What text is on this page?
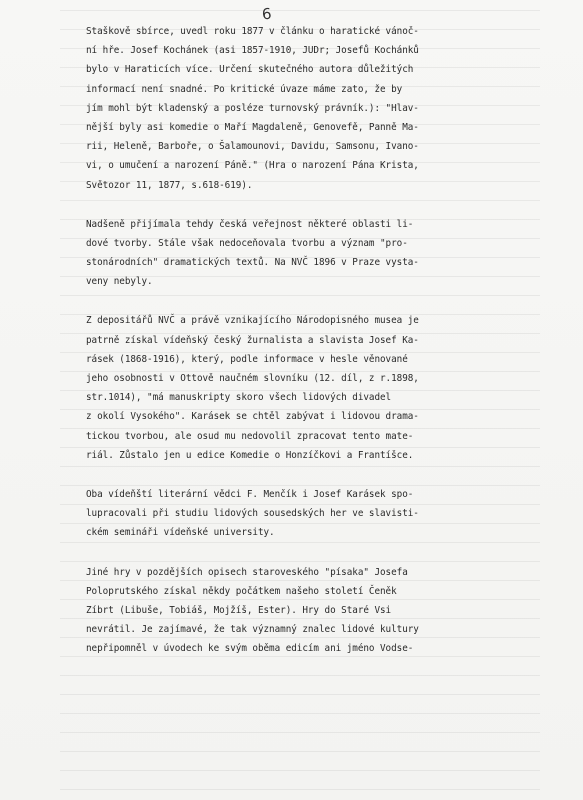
6
Staškově sbírce, uvedl roku 1877 v článku o haratické vánoč-
ní hře. Josef Kochánek (asi 1857-1910, JUDr; Josefů Kochánků
bylo v Haraticích více. Určení skutečného autora důležitých
informací není snadné. Po kritické úvaze máme zato, že by
jím mohl být kladenský a posléze turnovský právník.): "Hlav-
nější byly asi komedie o Maří Magdaleně, Genovefě, Panně Ma-
rii, Heleně, Barboře, o Šalamounovi, Davidu, Samsonu, Ivano-
vi, o umučení a narození Páně." (Hra o narození Pána Krista,
Světozor 11, 1877, s.618-619).
Nadšeně přijímala tehdy česká veřejnost některé oblasti li-
dové tvorby. Stále však nedoceňovala tvorbu a význam "pro-
stonárodních" dramatických textů. Na NVČ 1896 v Praze vysta-
veny nebyly.
Z depositářů NVČ a právě vznikajícího Národopisného musea je
patrně získal vídeňský český žurnalista a slavista Josef Ka-
rásek (1868-1916), který, podle informace v hesle věnované
jeho osobnosti v Ottově naučném slovníku (12. díl, z r.1898,
str.1014), "má manuskripty skoro všech lidových divadel
z okolí Vysokého". Karásek se chtěl zabývat i lidovou drama-
tickou tvorbou, ale osud mu nedovolil zpracovat tento mate-
riál. Zůstalo jen u edice Komedie o Honzíčkovi a Frantíšce.
Oba vídeňští literární vědci F. Menčík i Josef Karásek spo-
lupracovali při studiu lidových sousedských her ve slavisti-
ckém semináři vídeňské university.
Jiné hry v pozdějších opisech staroveského "písaka" Josefa
Poloprutského získal někdy počátkem našeho století Čeněk
Zíbrt (Libuše, Tobiáš, Mojžíš, Ester). Hry do Staré Vsi
nevrátil. Je zajímavé, že tak významný znalec lidové kultury
nepřipomněl v úvodech ke svým oběma edicím ani jméno Vodse-
